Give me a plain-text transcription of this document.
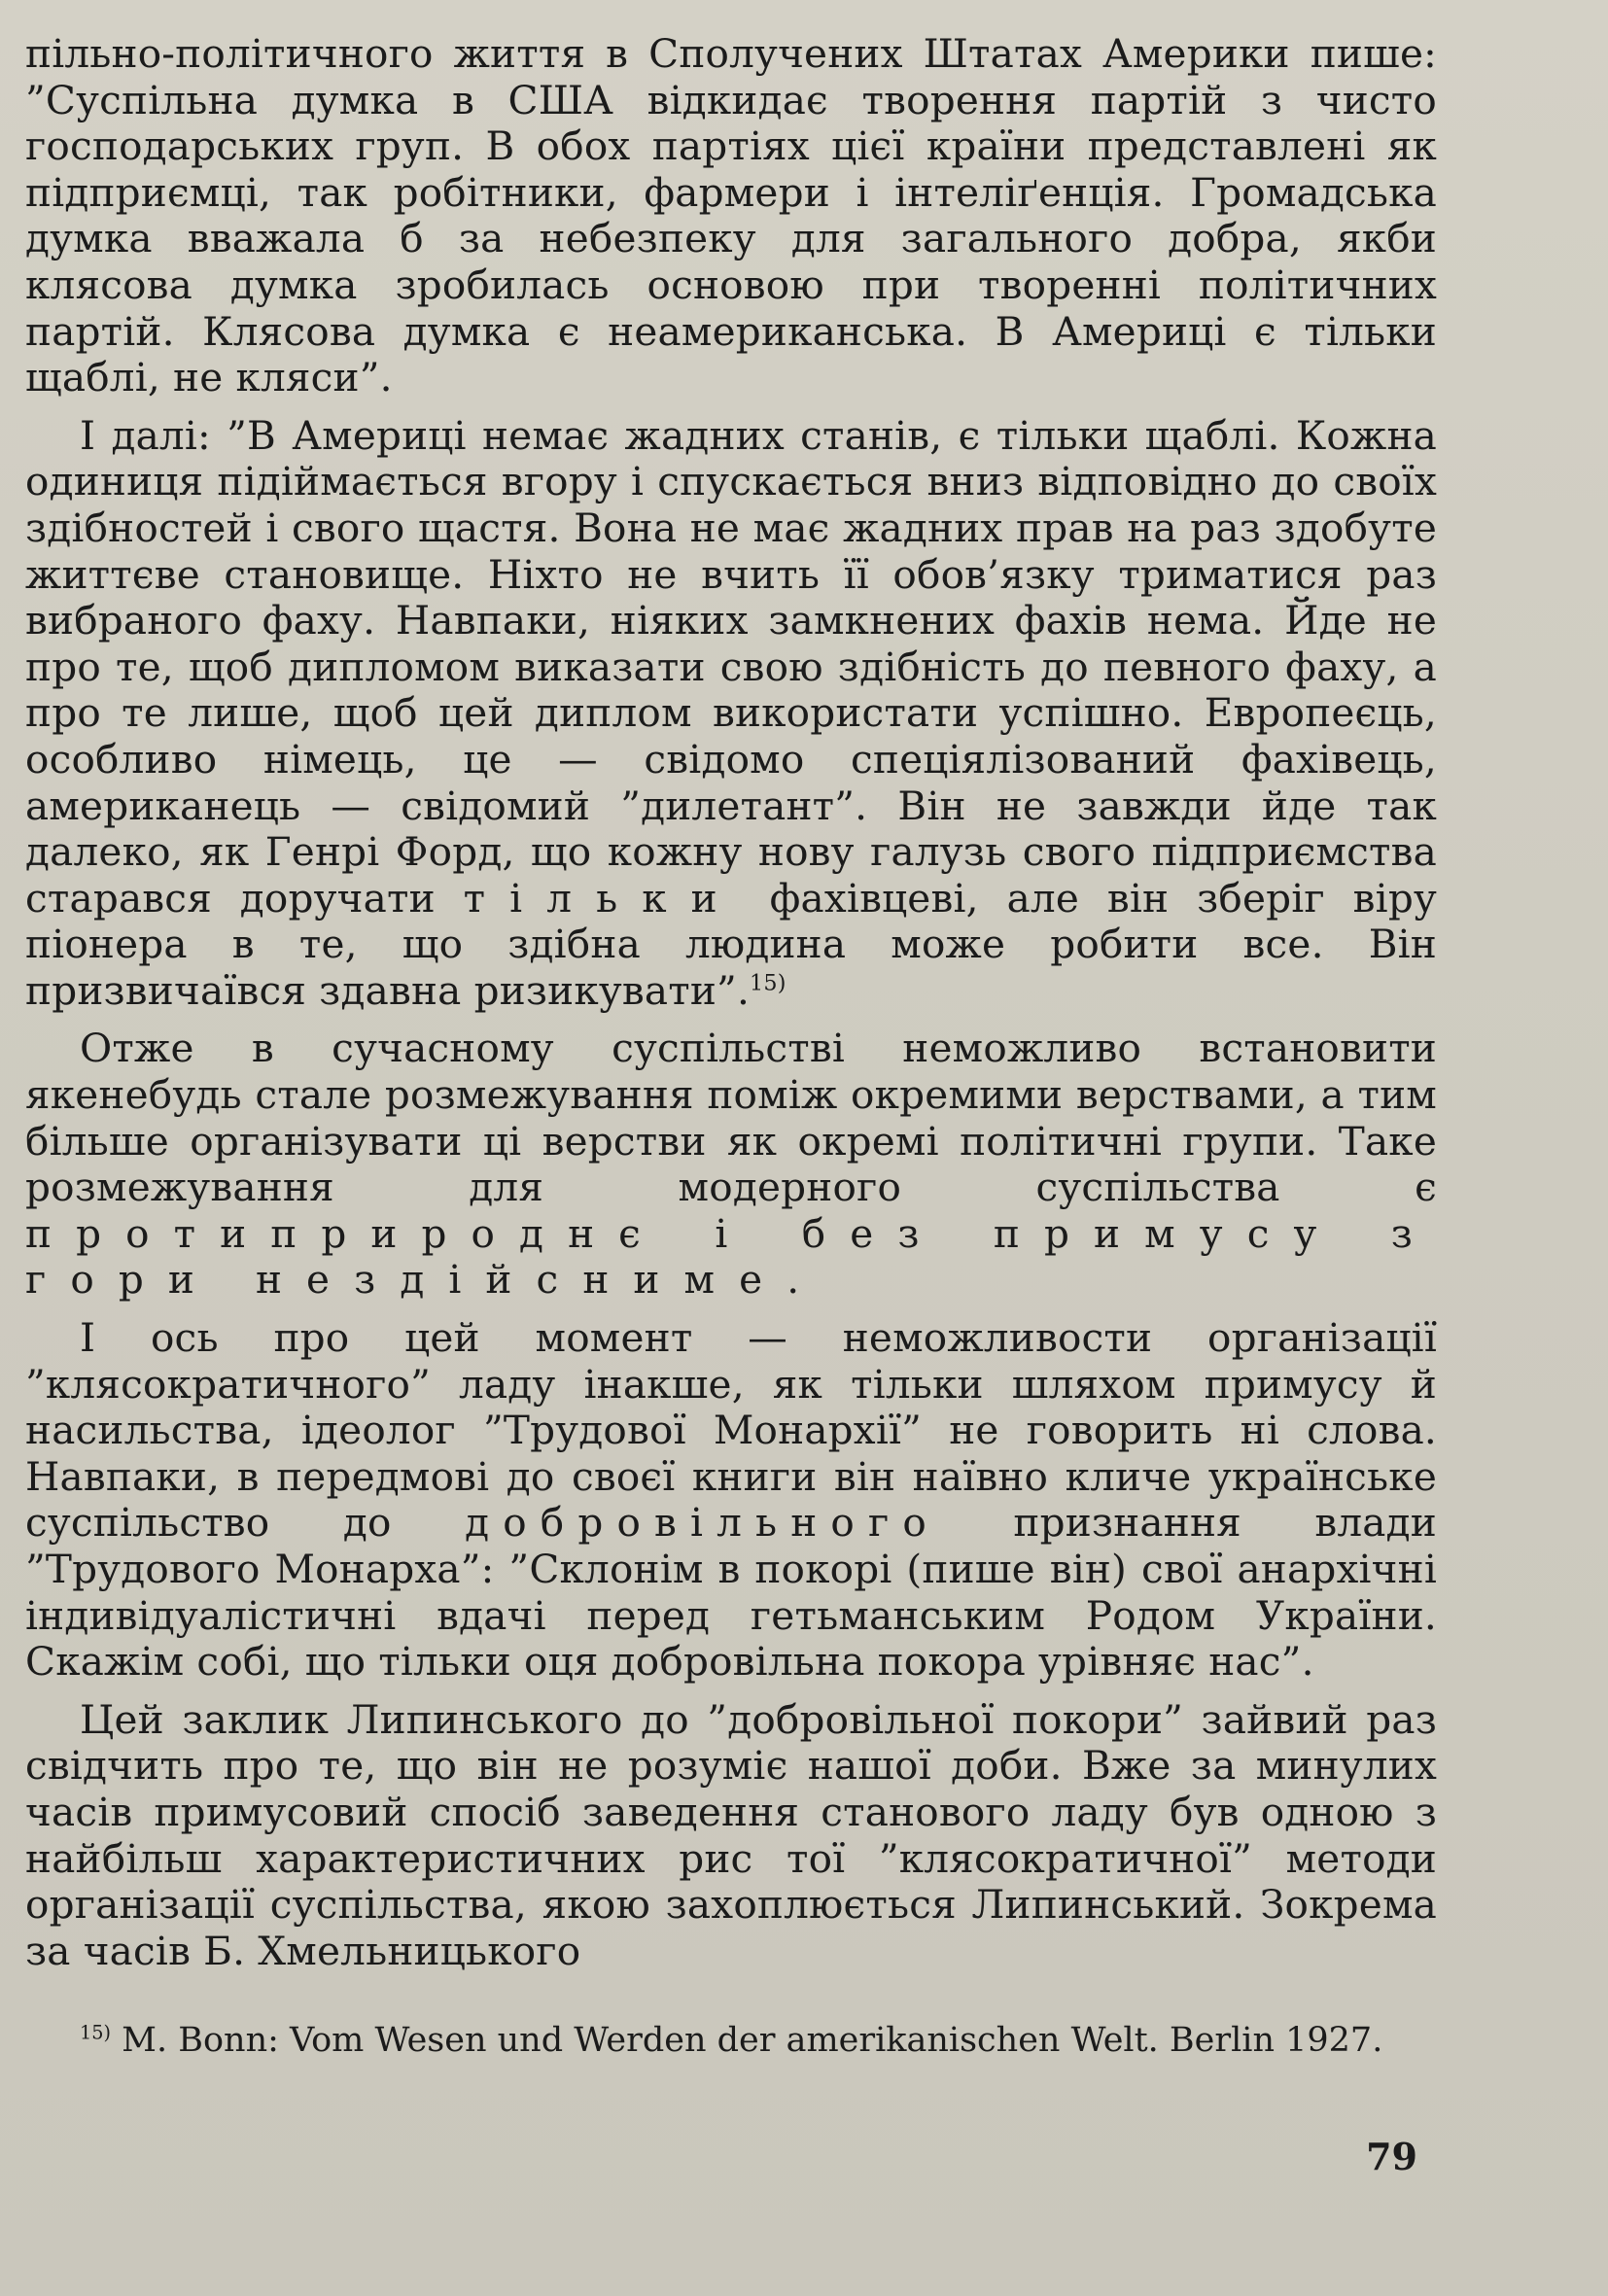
пільно-політичного життя в Сполучених Штатах Америки пише: ”Суспільна думка в США відкидає творення партій з чисто господарських груп. В обох партіях цієї країни представлені як підприємці, так робітники, фармери і інтеліґенція. Громадська думка вважала б за небезпеку для загального добра, якби клясова думка зробилась основою при творенні політичних партій. Клясова думка є неамериканська. В Америці є тільки щаблі, не кляси”.

І далі: ”В Америці немає жадних станів, є тільки щаблі. Кожна одиниця підіймається вгору і спускається вниз відповідно до своїх здібностей і свого щастя. Вона не має жадних прав на раз здобуте життєве становище. Ніхто не вчить її обов’язку триматися раз вибраного фаху. Навпаки, ніяких замкнених фахів нема. Йде не про те, щоб дипломом виказати свою здібність до певного фаху, а про те лише, щоб цей диплом використати успішно. Европеєць, особливо німець, це — свідомо спеціялізований фахівець, американець — свідомий ”дилетант”. Він не завжди йде так далеко, як Генрі Форд, що кожну нову галузь свого підприємства старався доручати тільки фахівцеві, але він зберіг віру піонера в те, що здібна людина може робити все. Він призвичаївся здавна ризикувати”.$^{15)}$

Отже в сучасному суспільстві неможливо встановити якенебудь стале розмежування поміж окремими верствами, а тим більше організувати ці верстви як окремі політичні групи. Таке розмежування для модерного суспільства є протиприроднє і без примусу з гори нездійсниме.

І ось про цей момент — неможливости організації ”клясократичного” ладу інакше, як тільки шляхом примусу й насильства, ідеолог ”Трудової Монархії” не говорить ні слова. Навпаки, в передмові до своєї книги він наївно кличе українське суспільство до добровільного признання влади ”Трудового Монарха”: ”Склонім в покорі (пише він) свої анархічні індивідуалістичні вдачі перед гетьманським Родом України. Скажім собі, що тільки оця добровільна покора урівняє нас”.

Цей заклик Липинського до ”добровільної покори” зайвий раз свідчить про те, що він не розуміє нашої доби. Вже за минулих часів примусовий спосіб заведення станового ладу був одною з найбільш характеристичних рис тої ”клясократичної” методи організації суспільства, якою захоплюється Липинський. Зокрема за часів Б. Хмельницького

$^{15)}$ M. Bonn: Vom Wesen und Werden der amerikanischen Welt. Berlin 1927.

79
